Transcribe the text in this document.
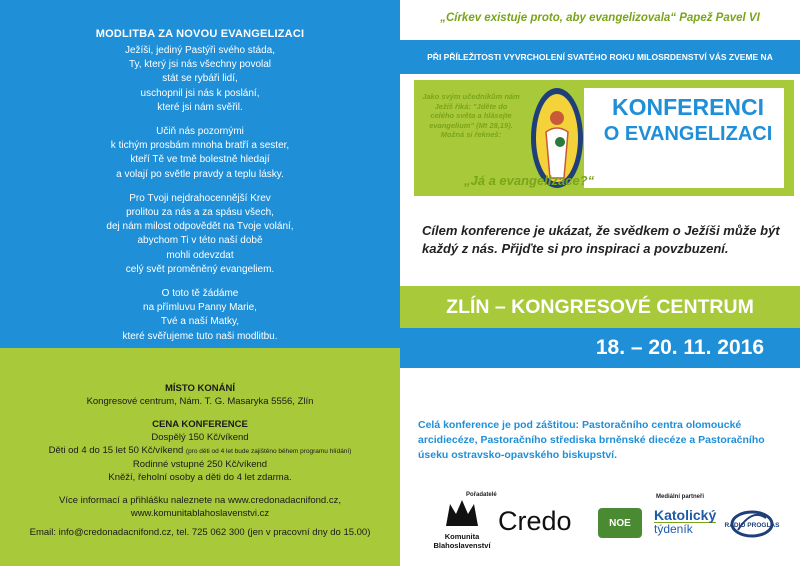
MODLITBA ZA NOVOU EVANGELIZACI

Ježíši, jediný Pastýři svého stáda,
Ty, který jsi nás všechny povolal
stát se rybáři lidí,
uschopnil jsi nás k poslání,
které jsi nám svěřil.

Učiň nás pozornými
k tichým prosbám mnoha bratří a sester,
kteří Tě ve tmě bolestně hledají
a volají po světle pravdy a teplu lásky.

Pro Tvoji nejdrahocennější Krev
prolitou za nás a za spásu všech,
dej nám milost odpovědět na Tvoje volání,
abychom Ti v této naší době
mohli odevzdat
celý svět proměněný evangeliem.

O toto tě žádáme
na přímluvu Panny Marie,
Tvé a naší Matky,
které svěřujeme tuto naši modlitbu.

MÍSTO KONÁNÍ
Kongresové centrum, Nám. T. G. Masaryka 5556, Zlín
CENA KONFERENCE
Dospělý 150 Kč/víkend
Děti od 4 do 15 let 50 Kč/víkend (pro děti od 4 let bude zajištěno během programu hlídání)
Rodinné vstupné 250 Kč/víkend
Kněží, řeholní osoby a děti do 4 let zdarma.
Více informací a přihlášku naleznete na www.credonadacnifond.cz,
www.komunitablahoslavenstvi.cz
Email: info@credonadacnifond.cz, tel. 725 062 300 (jen v pracovní dny do 15.00)
„Církev existuje proto, aby evangelizovala“ Papež Pavel VI
PŘI PŘÍLEŽITOSTI VYVRCHOLENÍ SVATÉHO ROKU MILOSRDENSTVÍ VÁS ZVEME NA
Jako svým učedníkům nám Ježíš říká: "Jděte do celého světa a hlásejte evangelium" (Mt 28,19). Možná si řekneš:
KONFERENCI
O EVANGELIZACI
„Já a evangelizace?“
Cílem konference je ukázat, že svědkem o Ježíši může být každý z nás. Přijďte si pro inspiraci a povzbuzení.
ZLÍN – KONGRESOVÉ CENTRUM
18. – 20. 11. 2016
Celá konference je pod záštitou: Pastoračního centra olomoucké arcidiecéze, Pastoračního střediska brněnské diecéze a Pastoračního úseku ostravsko-opavského biskupství.
Pořadatelé	Mediální partneři
Komunita Blahoslavenství
Credo	NOE	Katolický
týdeník	RADIO PROGLAS
